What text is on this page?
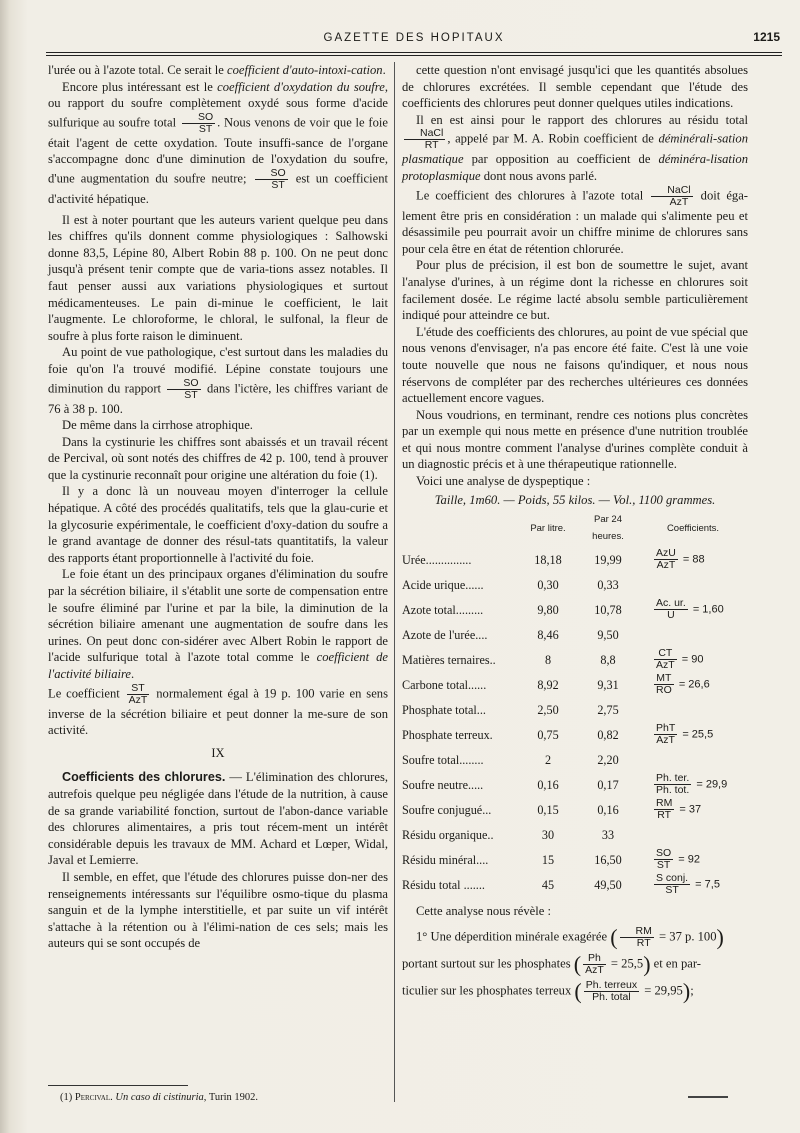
GAZETTE DES HOPITAUX	1215

l'urée ou à l'azote total. Ce serait le coefficient d'auto-intoxi-cation.

Encore plus intéressant est le coefficient d'oxydation du soufre, ou rapport du soufre complètement oxydé sous forme d'acide sulfurique au soufre total $\frac{SO}{ST}$ . Nous venons de voir que le foie était l'agent de cette oxydation. Toute insuffi-sance de l'organe s'accompagne donc d'une diminution de l'oxydation du soufre, d'une augmentation du soufre neutre; $\frac{SO}{ST}$ est un coefficient d'activité hépatique.

Il est à noter pourtant que les auteurs varient quelque peu dans les chiffres qu'ils donnent comme physiologiques : Salhowski donne 83,5, Lépine 80, Albert Robin 88 p. 100. On ne peut donc jusqu'à présent tenir compte que de varia-tions assez notables. Il faut penser aussi aux variations physiologiques et surtout médicamenteuses. Le pain di-minue le coefficient, le lait l'augmente. Le chloroforme, le chloral, le sulfonal, la fleur de soufre à plus forte raison le diminuent.

Au point de vue pathologique, c'est surtout dans les maladies du foie qu'on l'a trouvé modifié. Lépine constate toujours une diminution du rapport $\frac{SO}{ST}$ dans l'ictère, les chiffres variant de 76 à 38 p. 100.

De même dans la cirrhose atrophique.

Dans la cystinurie les chiffres sont abaissés et un travail récent de Percival, où sont notés des chiffres de 42 p. 100, tend à prouver que la cystinurie reconnaît pour origine une altération du foie (1).

Il y a donc là un nouveau moyen d'interroger la cellule hépatique. A côté des procédés qualitatifs, tels que la glau-curie et la glycosurie expérimentale, le coefficient d'oxy-dation du soufre a le grand avantage de donner des résul-tats quantitatifs, la valeur des rapports étant proportionnelle à l'activité du foie.

Le foie étant un des principaux organes d'élimination du soufre par la sécrétion biliaire, il s'établit une sorte de compensation entre le soufre éliminé par l'urine et par la bile, la diminution de la sécrétion biliaire amenant une augmentation de soufre dans les urines. On peut donc con-sidérer avec Albert Robin le rapport de l'acide sulfurique total à l'azote total comme le coefficient de l'activité biliaire.

Le coefficient $\frac{ST}{\text{AzT}}$ normalement égal à 19 p. 100 varie en sens inverse de la sécrétion biliaire et peut donner la me-sure de son activité.

IX

Coefficients des chlorures. — L'élimination des chlorures, autrefois quelque peu négligée dans l'étude de la nutrition, à cause de sa grande variabilité fonction, surtout de l'abon-dance variable des chlorures alimentaires, a pris tout récem-ment un intérêt considérable depuis les travaux de MM. Achard et Lœper, Widal, Javal et Lemierre.

Il semble, en effet, que l'étude des chlorures puisse don-ner des renseignements intéressants sur l'équilibre osmo-tique du plasma sanguin et de la lymphe interstitielle, et par suite un vif intérêt s'attache à la rétention ou à l'élimi-nation de ces sels; mais les auteurs qui se sont occupés de

(1) Percival. Un caso di cistinuria, Turin 1902.

cette question n'ont envisagé jusqu'ici que les quantités absolues de chlorures excrétées. Il semble cependant que l'étude des coefficients des chlorures peut donner quelques utiles indications.

Il en est ainsi pour le rapport des chlorures au résidu total
$\frac{\text{NaCl}}{RT}$ , appelé par M. A. Robin coefficient de déminérali-sation plasmatique par opposition au coefficient de déminéra-lisation protoplasmique dont nous avons parlé.

Le coefficient des chlorures à l'azote total $\frac{\text{NaCl}}{\text{AzT}}$ doit éga-lement être pris en considération : un malade qui s'alimente peu et désassimile peu pourrait avoir un chiffre minime de chlorures sans pour cela être en état de rétention chlorurée.

Pour plus de précision, il est bon de soumettre le sujet, avant l'analyse d'urines, à un régime dont la richesse en chlorures soit facilement dosée. Le régime lacté absolu semble particulièrement indiqué pour atteindre ce but.

L'étude des coefficients des chlorures, au point de vue spécial que nous venons d'envisager, n'a pas encore été faite. C'est là une voie toute nouvelle que nous ne faisons qu'indiquer, et nous nous réservons de compléter par des recherches ultérieures ces données actuellement encore vagues.

Nous voudrions, en terminant, rendre ces notions plus concrètes par un exemple qui nous mette en présence d'une nutrition troublée et qui nous montre comment l'analyse d'urines complète conduit à un diagnostic précis et à une thérapeutique rationnelle.

Voici une analyse de dyspeptique :

Taille, 1m60. — Poids, 55 kilos. — Vol., 1100 grammes.
	Par litre.	Par 24 heures.	Coefficients.
Urée...............	18,18	19,99	$\frac{\text{AzU}}{\text{AzT}} = 88$
Acide urique......	0,30	0,33	
Azote total.........	9,80	10,78	$\frac{Ac. ur.}{U} = 1,60$
Azote de l'urée....	8,46	9,50	
Matières ternaires..	8	8,8	$\frac{CT}{\text{AzT}} = 90$
Carbone total......	8,92	9,31	$\frac{MT}{RO} = 26,6$
Phosphate total...	2,50	2,75	
Phosphate terreux.	0,75	0,82	$\frac{\text{PhT}}{\text{AzT}} = 25,5$
Soufre total........	2	2,20	
Soufre neutre.....	0,16	0,17	$\frac{\text{Ph. ter.}}{\text{Ph. tot.}} = 29,9$
Soufre conjugué...	0,15	0,16	$\frac{RM}{RT} = 37$
Résidu organique..	30	33	
Résidu minéral....	15	16,50	$\frac{SO}{ST} = 92$
Résidu total .......	45	49,50	$\frac{\text{S conj.}}{ST} = 7,5$

Cette analyse nous révèle :

1° Une déperdition minérale exagérée ( $\frac{RM}{RT} = 37$ p. 100)

portant surtout sur les phosphates ( $\frac{Ph}{\text{AzT}} = 25,5$) et en par-

ticulier sur les phosphates terreux ( $\frac{\text{Ph. terreux}}{\text{Ph. total}} = 29,95$);
